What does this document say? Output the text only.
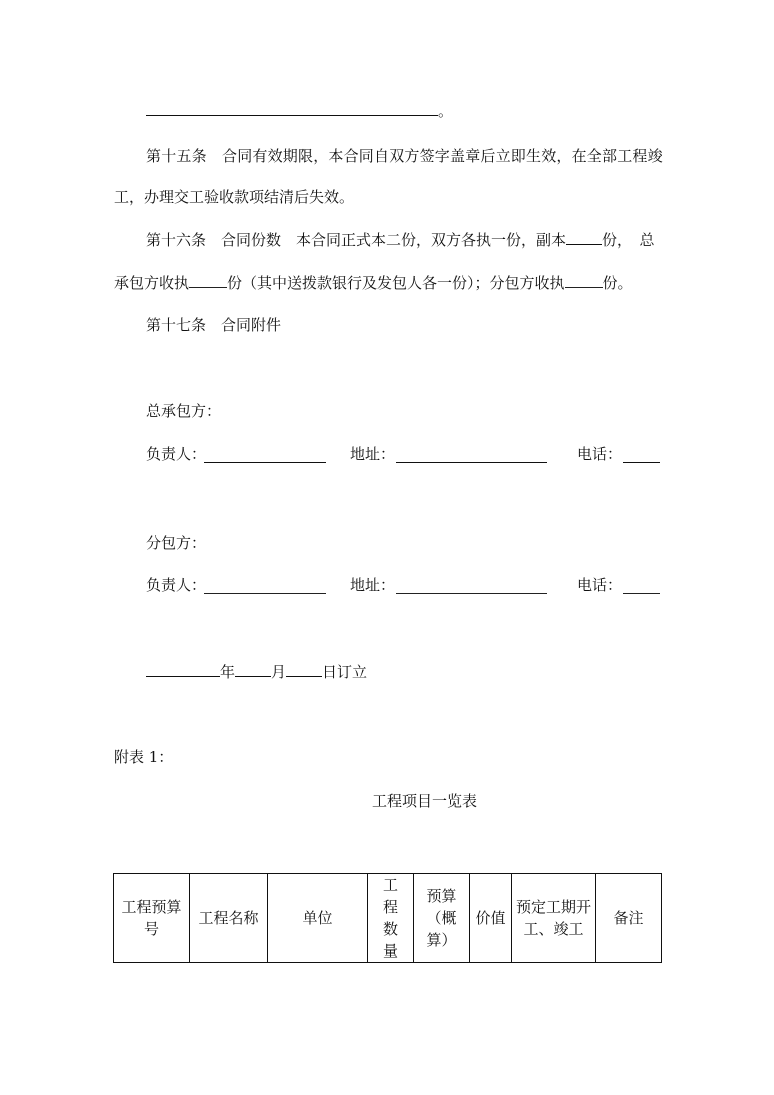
。
第十五条　合同有效期限，本合同自双方签字盖章后立即生效，在全部工程竣
工，办理交工验收款项结清后失效。
第十六条　合同份数　本合同正式本二份，双方各执一份，副本 份，　总
承包方收执	份（其中送拨款银行及发包人各一份）；分包方收执	份。
第十七条　合同附件
总承包方：
负责人：	地址：	电话：
分包方：
负责人：	地址：	电话：
年 月 日订立
附表 1：
工程项目一览表
工程预算号	工程名称	单位	工程数量	预算（概算）	价值	预定工期开工、竣工	备注
